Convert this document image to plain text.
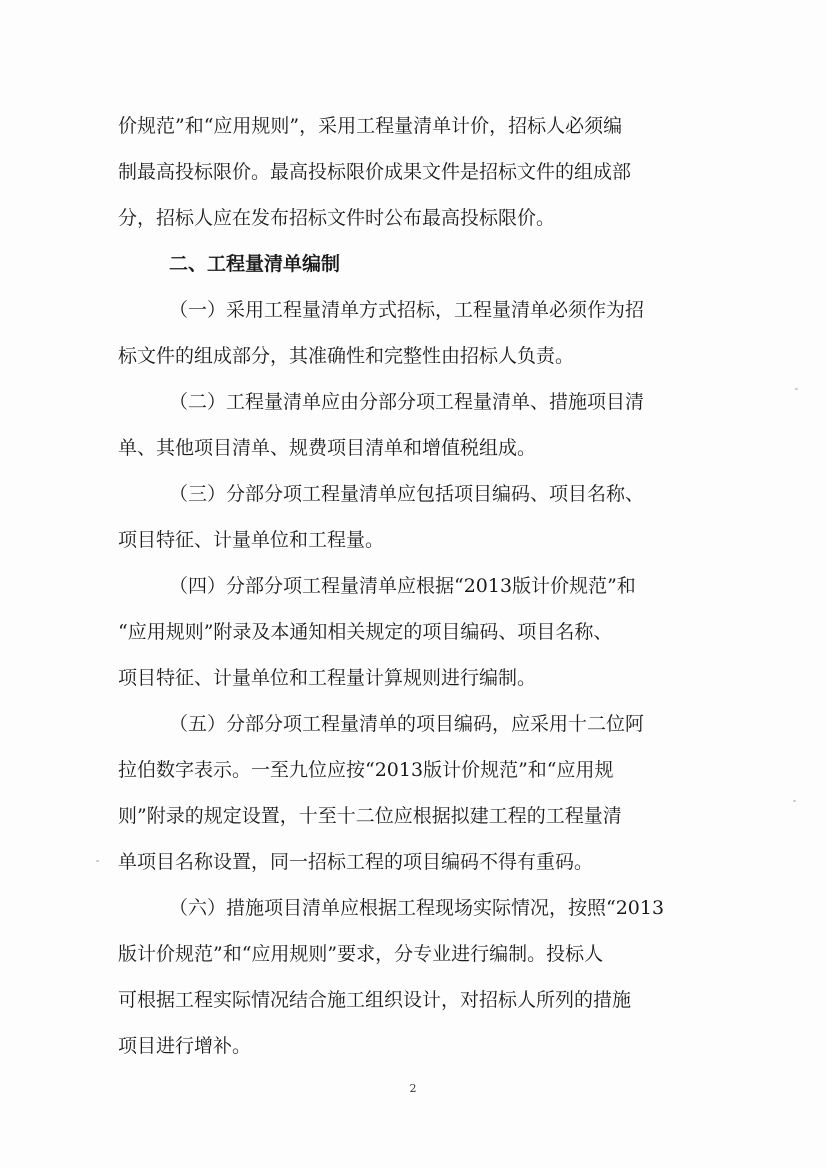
价规范”和“应用规则”，采用工程量清单计价，招标人必须编
制最高投标限价。最高投标限价成果文件是招标文件的组成部
分，招标人应在发布招标文件时公布最高投标限价。
二、工程量清单编制
（一）采用工程量清单方式招标，工程量清单必须作为招
标文件的组成部分，其准确性和完整性由招标人负责。
（二）工程量清单应由分部分项工程量清单、措施项目清
单、其他项目清单、规费项目清单和增值税组成。
（三）分部分项工程量清单应包括项目编码、项目名称、
项目特征、计量单位和工程量。
（四）分部分项工程量清单应根据“2013版计价规范”和
“应用规则”附录及本通知相关规定的项目编码、项目名称、
项目特征、计量单位和工程量计算规则进行编制。
（五）分部分项工程量清单的项目编码，应采用十二位阿
拉伯数字表示。一至九位应按“2013版计价规范”和“应用规
则”附录的规定设置，十至十二位应根据拟建工程的工程量清
单项目名称设置，同一招标工程的项目编码不得有重码。
（六）措施项目清单应根据工程现场实际情况，按照“2013
版计价规范”和“应用规则”要求，分专业进行编制。投标人
可根据工程实际情况结合施工组织设计，对招标人所列的措施
项目进行增补。
2
